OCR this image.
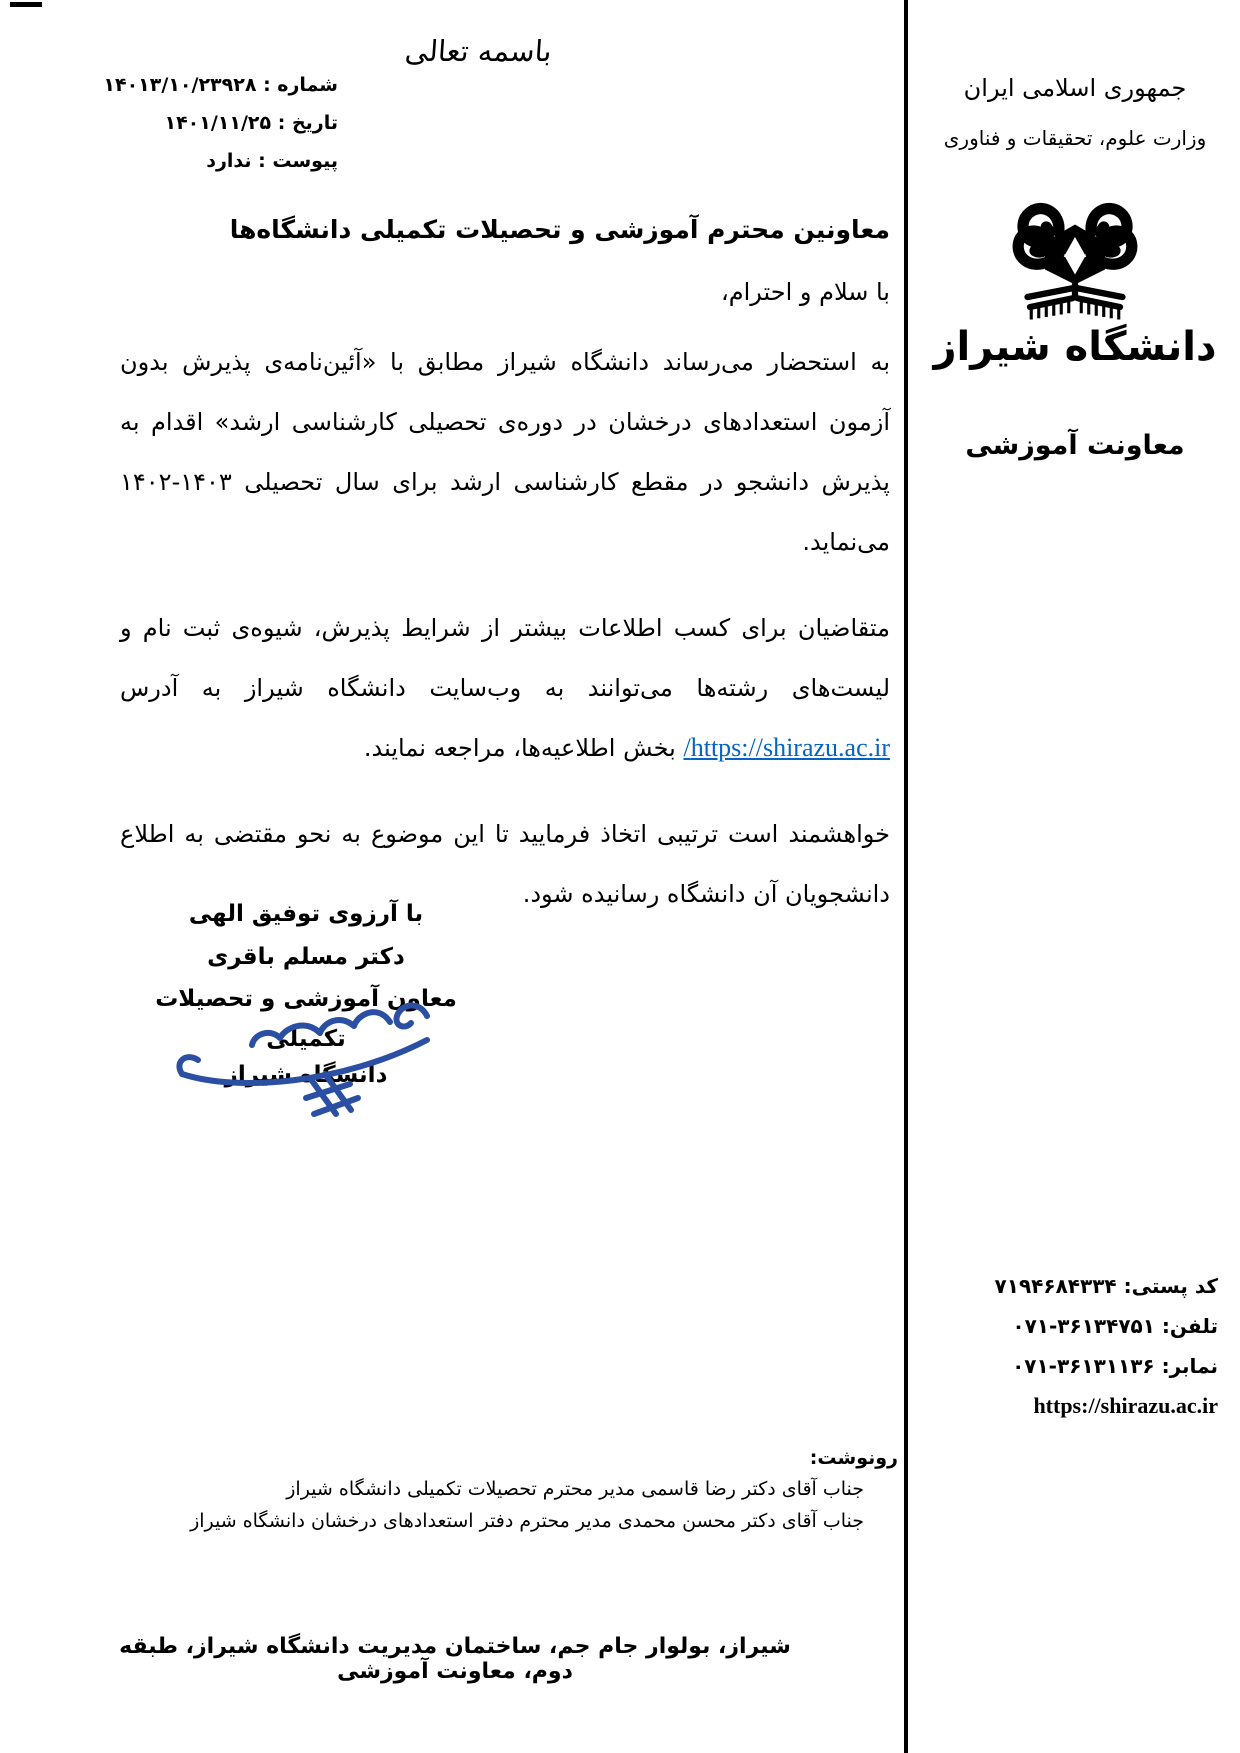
باسمه تعالی
شماره : ۱۴۰۱۳/۱۰/۲۳۹۲۸
تاریخ : ۱۴۰۱/۱۱/۲۵
پیوست : ندارد
جمهوری اسلامی ایران
وزارت علوم، تحقیقات و فناوری
دانشگاه شیراز
معاونت آموزشی
معاونین محترم آموزشی و تحصیلات تکمیلی دانشگاه‌ها
با سلام و احترام،

به استحضار می‌رساند دانشگاه شیراز مطابق با «آئین‌نامه‌ی پذیرش بدون آزمون استعدادهای درخشان در دوره‌ی تحصیلی کارشناسی ارشد» اقدام به پذیرش دانشجو در مقطع کارشناسی ارشد برای سال تحصیلی ۱۴۰۳-۱۴۰۲ می‌نماید.

متقاضیان برای کسب اطلاعات بیشتر از شرایط پذیرش، شیوه‌ی ثبت نام و لیست‌های رشته‌ها می‌توانند به وب‌سایت دانشگاه شیراز به آدرس https://shirazu.ac.ir/ بخش اطلاعیه‌ها، مراجعه نمایند.

خواهشمند است ترتیبی اتخاذ فرمایید تا این موضوع به نحو مقتضی به اطلاع دانشجویان آن دانشگاه رسانیده شود.

با آرزوی توفیق الهی
دکتر مسلم باقری
معاون آموزشی و تحصیلات تکمیلی
دانشگاه شیراز
رونوشت:
جناب آقای دکتر رضا قاسمی مدیر محترم تحصیلات تکمیلی دانشگاه شیراز
جناب آقای دکتر محسن محمدی مدیر محترم دفتر استعدادهای درخشان دانشگاه شیراز
کد پستی: ۷۱۹۴۶۸۴۳۳۴
تلفن: ۰۷۱-۳۶۱۳۴۷۵۱
نمابر: ۰۷۱-۳۶۱۳۱۱۳۶
https://shirazu.ac.ir
شیراز، بولوار جام جم، ساختمان مدیریت دانشگاه شیراز، طبقه دوم، معاونت آموزشی
